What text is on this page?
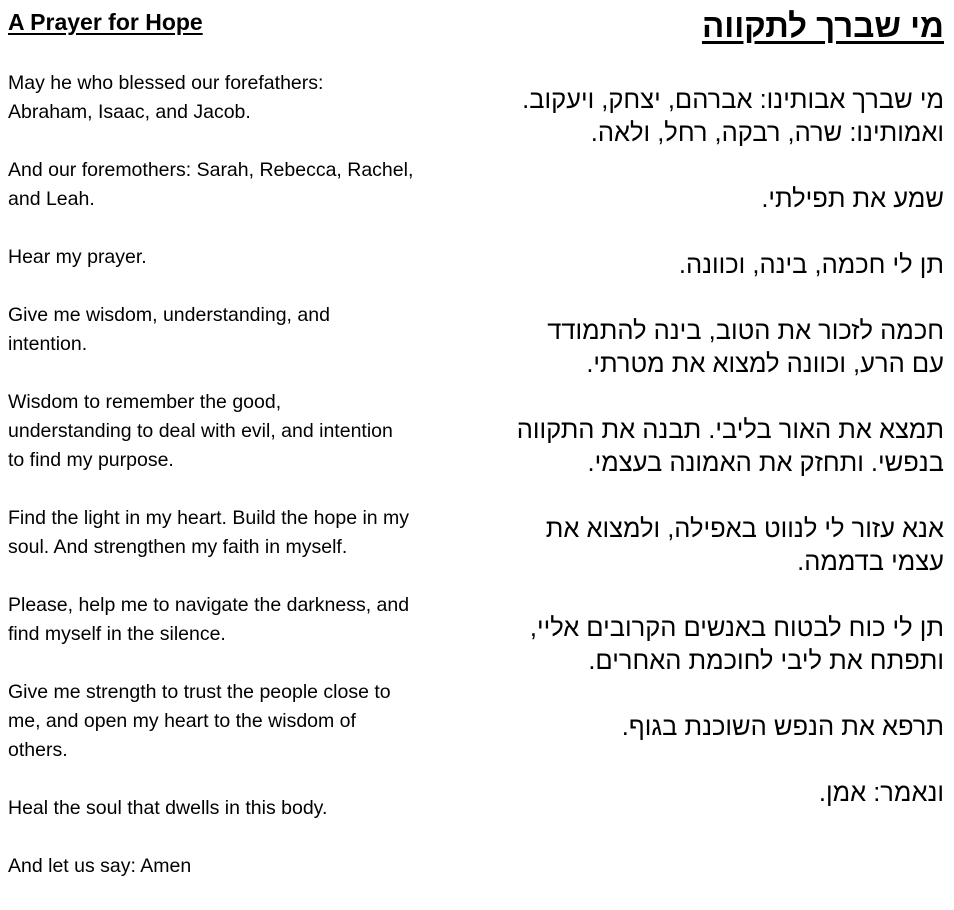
A Prayer for Hope
May he who blessed our forefathers:
Abraham, Isaac, and Jacob.
And our foremothers: Sarah, Rebecca, Rachel,
and Leah.
Hear my prayer.
Give me wisdom, understanding, and
intention.
Wisdom to remember the good,
understanding to deal with evil, and intention
to find my purpose.
Find the light in my heart. Build the hope in my
soul. And strengthen my faith in myself.
Please, help me to navigate the darkness, and
find myself in the silence.
Give me strength to trust the people close to
me, and open my heart to the wisdom of
others.
Heal the soul that dwells in this body.
And let us say: Amen
מי שברך לתקווה
מי שברך אבותינו: אברהם, יצחק, ויעקוב.
ואמותינו: שרה, רבקה, רחל, ולאה.
שמע את תפילתי.
תן לי חכמה, בינה, וכוונה.
חכמה לזכור את הטוב, בינה להתמודד
עם הרע, וכוונה למצוא את מטרתי.
תמצא את האור בליבי. תבנה את התקווה
בנפשי. ותחזק את האמונה בעצמי.
אנא עזור לי לנווט באפילה, ולמצוא את
עצמי בדממה.
תן לי כוח לבטוח באנשים הקרובים אליי,
ותפתח את ליבי לחוכמת האחרים.
תרפא את הנפש השוכנת בגוף.
ונאמר: אמן.
